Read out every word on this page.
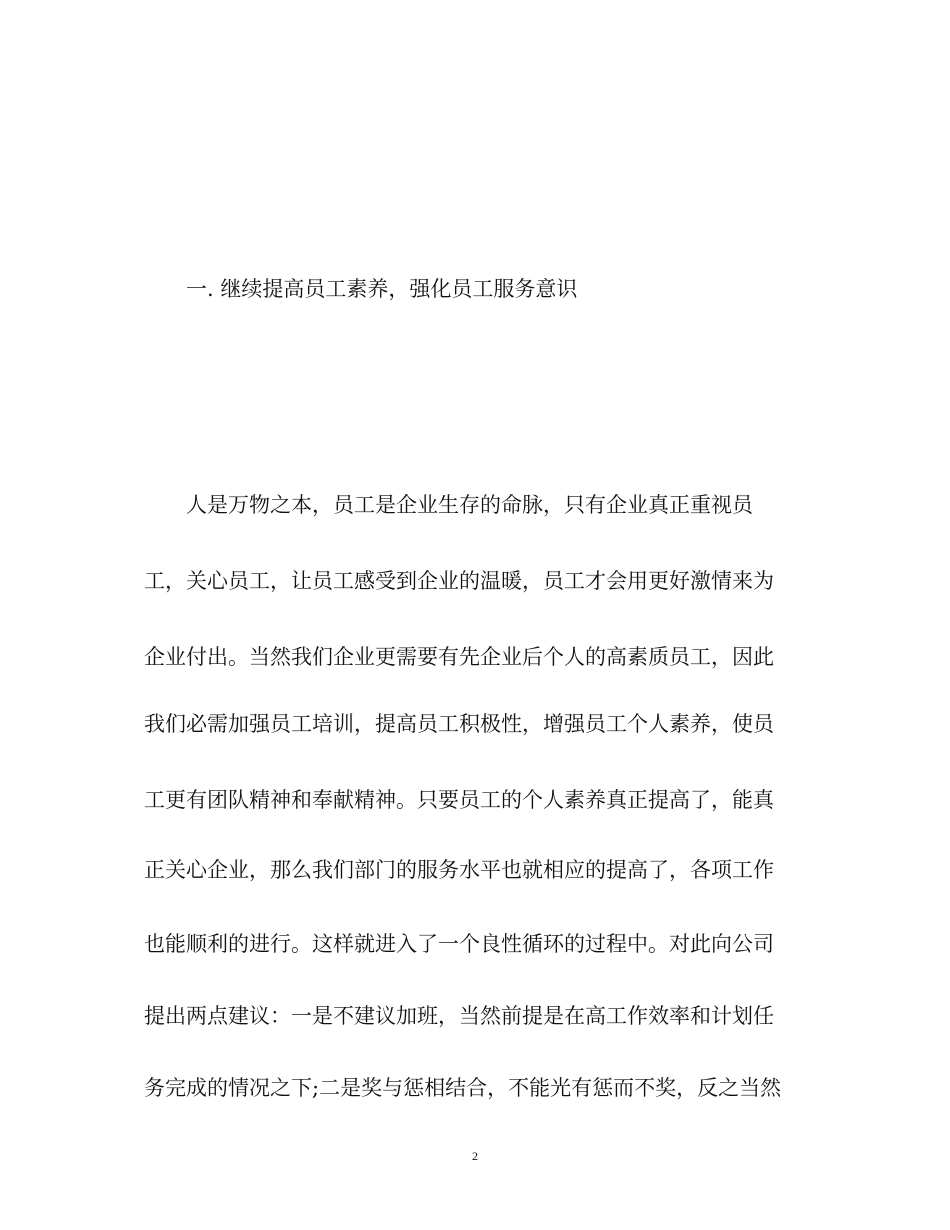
一. 继续提高员工素养，强化员工服务意识
人是万物之本，员工是企业生存的命脉，只有企业真正重视员
工，关心员工，让员工感受到企业的温暖，员工才会用更好激情来为
企业付出。当然我们企业更需要有先企业后个人的高素质员工，因此
我们必需加强员工培训，提高员工积极性，增强员工个人素养，使员
工更有团队精神和奉献精神。只要员工的个人素养真正提高了，能真
正关心企业，那么我们部门的服务水平也就相应的提高了，各项工作
也能顺利的进行。这样就进入了一个良性循环的过程中。对此向公司
提出两点建议：一是不建议加班，当然前提是在高工作效率和计划任
务完成的情况之下;二是奖与惩相结合，不能光有惩而不奖，反之当然
2
